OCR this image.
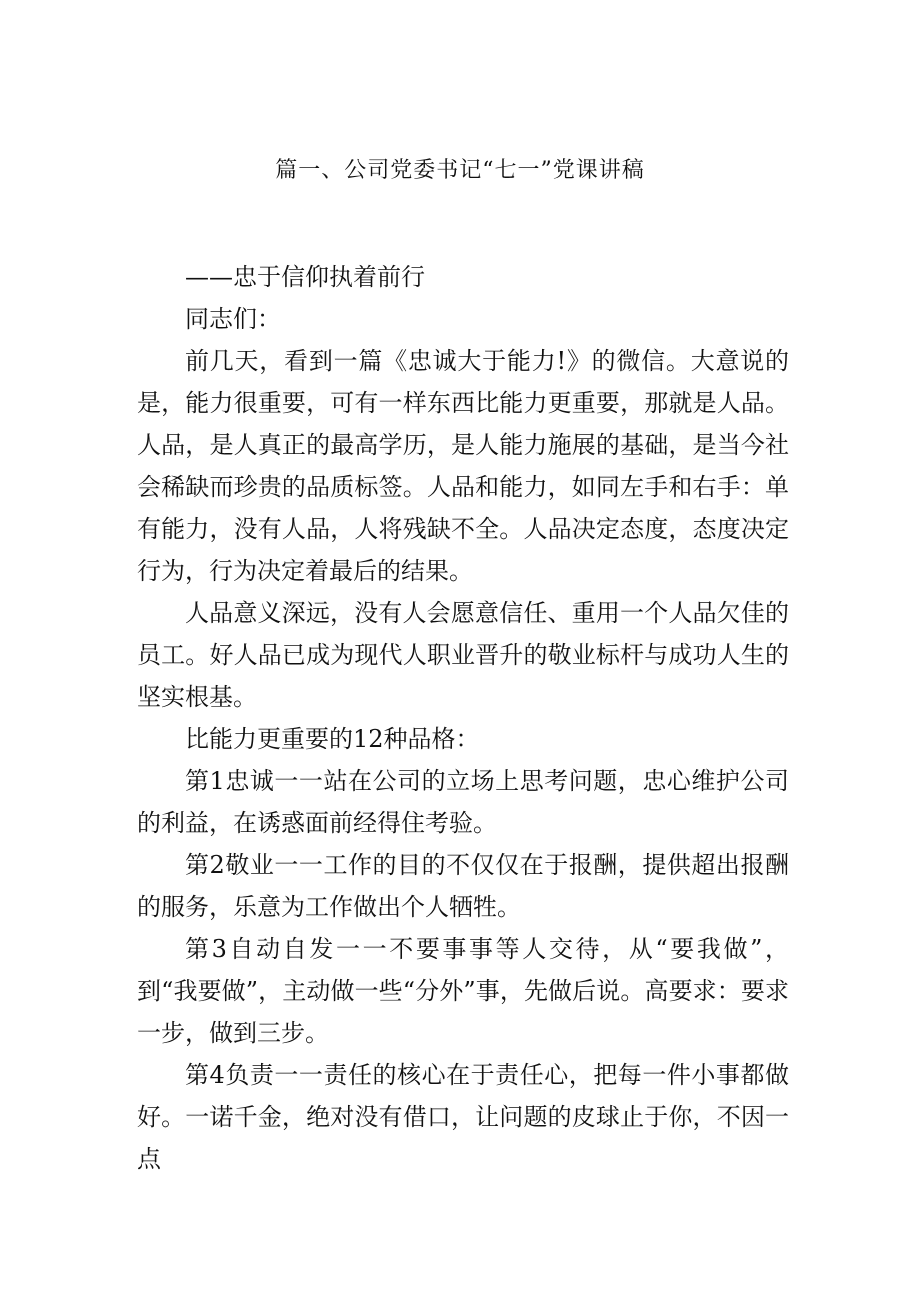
篇一、公司党委书记“七一”党课讲稿

——忠于信仰执着前行

同志们：

前几天，看到一篇《忠诚大于能力!》的微信。大意说的是，能力很重要，可有一样东西比能力更重要，那就是人品。人品，是人真正的最高学历，是人能力施展的基础，是当今社会稀缺而珍贵的品质标签。人品和能力，如同左手和右手：单有能力，没有人品，人将残缺不全。人品决定态度，态度决定行为，行为决定着最后的结果。

人品意义深远，没有人会愿意信任、重用一个人品欠佳的员工。好人品已成为现代人职业晋升的敬业标杆与成功人生的坚实根基。

比能力更重要的12种品格：

第1忠诚一一站在公司的立场上思考问题，忠心维护公司的利益，在诱惑面前经得住考验。

第2敬业一一工作的目的不仅仅在于报酬，提供超出报酬的服务，乐意为工作做出个人牺牲。

第3自动自发一一不要事事等人交待，从“要我做”，到“我要做”，主动做一些“分外”事，先做后说。高要求：要求一步，做到三步。

第4负责一一责任的核心在于责任心，把每一件小事都做好。一诺千金，绝对没有借口，让问题的皮球止于你，不因一点
